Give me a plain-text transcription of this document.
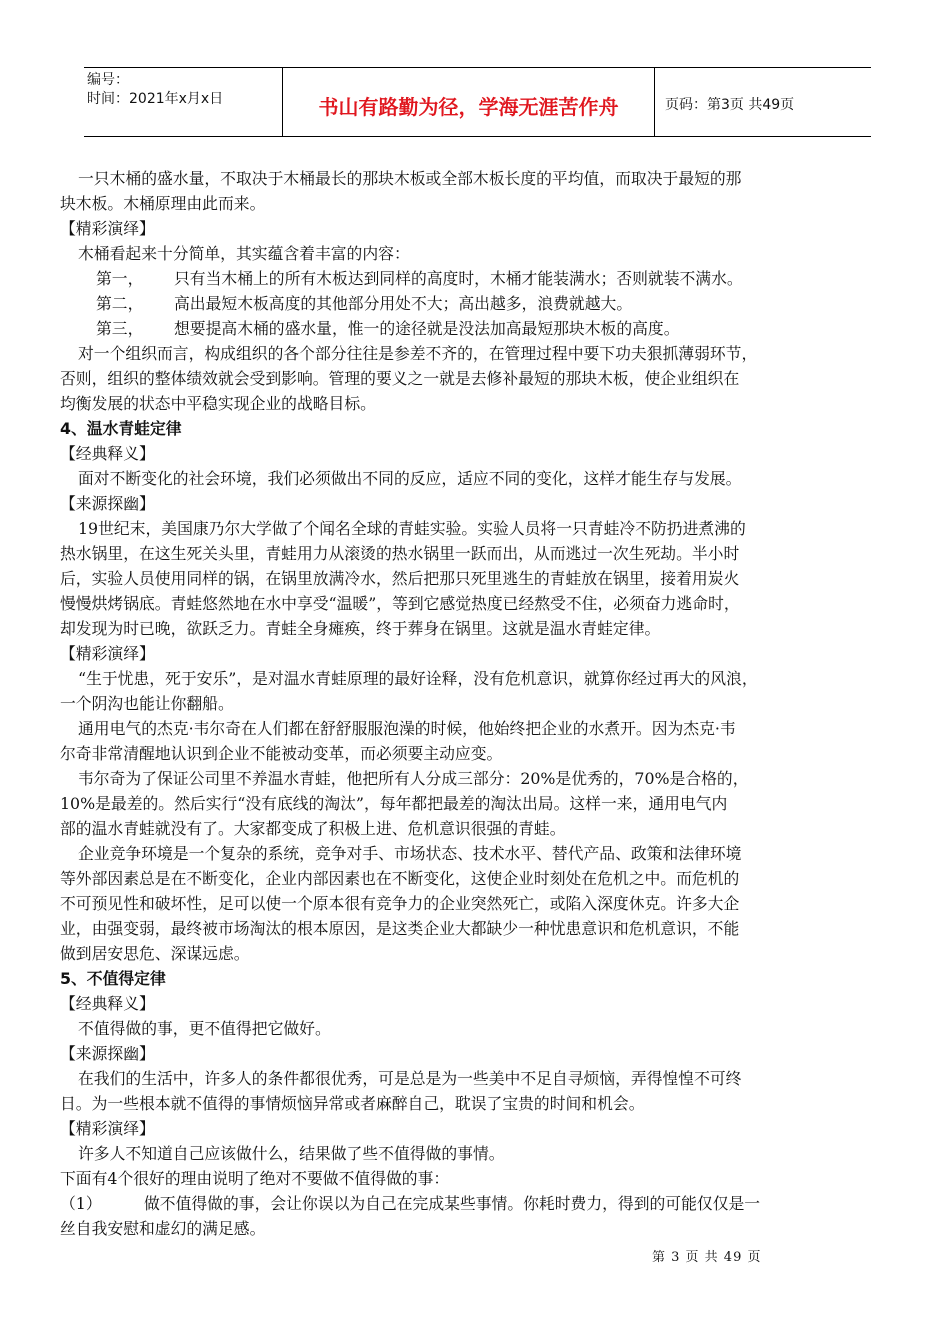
编号：
时间：2021年x月x日	书山有路勤为径，学海无涯苦作舟	页码：第3页 共49页

一只木桶的盛水量，不取决于木桶最长的那块木板或全部木板长度的平均值，而取决于最短的那

块木板。木桶原理由此而来。

【精彩演绎】

木桶看起来十分简单，其实蕴含着丰富的内容：

第一， 只有当木桶上的所有木板达到同样的高度时，木桶才能装满水；否则就装不满水。

第二， 高出最短木板高度的其他部分用处不大；高出越多，浪费就越大。

第三， 想要提高木桶的盛水量，惟一的途径就是没法加高最短那块木板的高度。

对一个组织而言，构成组织的各个部分往往是参差不齐的，在管理过程中要下功夫狠抓薄弱环节，

否则，组织的整体绩效就会受到影响。管理的要义之一就是去修补最短的那块木板，使企业组织在

均衡发展的状态中平稳实现企业的战略目标。

4、温水青蛙定律

【经典释义】

面对不断变化的社会环境，我们必须做出不同的反应，适应不同的变化，这样才能生存与发展。

【来源探幽】

19世纪末，美国康乃尔大学做了个闻名全球的青蛙实验。实验人员将一只青蛙冷不防扔进煮沸的

热水锅里，在这生死关头里，青蛙用力从滚烫的热水锅里一跃而出，从而逃过一次生死劫。半小时

后，实验人员使用同样的锅，在锅里放满冷水，然后把那只死里逃生的青蛙放在锅里，接着用炭火

慢慢烘烤锅底。青蛙悠然地在水中享受“温暖”，等到它感觉热度已经熬受不住，必须奋力逃命时，

却发现为时已晚，欲跃乏力。青蛙全身瘫痪，终于葬身在锅里。这就是温水青蛙定律。

【精彩演绎】

“生于忧患，死于安乐”，是对温水青蛙原理的最好诠释，没有危机意识，就算你经过再大的风浪，

一个阴沟也能让你翻船。

通用电气的杰克·韦尔奇在人们都在舒舒服服泡澡的时候，他始终把企业的水煮开。因为杰克·韦

尔奇非常清醒地认识到企业不能被动变革，而必须要主动应变。

韦尔奇为了保证公司里不养温水青蛙，他把所有人分成三部分：20%是优秀的，70%是合格的，

10%是最差的。然后实行“没有底线的淘汰”，每年都把最差的淘汰出局。这样一来，通用电气内

部的温水青蛙就没有了。大家都变成了积极上进、危机意识很强的青蛙。

企业竞争环境是一个复杂的系统，竞争对手、市场状态、技术水平、替代产品、政策和法律环境

等外部因素总是在不断变化，企业内部因素也在不断变化，这使企业时刻处在危机之中。而危机的

不可预见性和破坏性，足可以使一个原本很有竞争力的企业突然死亡，或陷入深度休克。许多大企

业，由强变弱，最终被市场淘汰的根本原因，是这类企业大都缺少一种忧患意识和危机意识，不能

做到居安思危、深谋远虑。

5、不值得定律

【经典释义】

不值得做的事，更不值得把它做好。

【来源探幽】

在我们的生活中，许多人的条件都很优秀，可是总是为一些美中不足自寻烦恼，弄得惶惶不可终

日。为一些根本就不值得的事情烦恼异常或者麻醉自己，耽误了宝贵的时间和机会。

【精彩演绎】

许多人不知道自己应该做什么，结果做了些不值得做的事情。

下面有4个很好的理由说明了绝对不要做不值得做的事：

（1）	做不值得做的事，会让你误以为自己在完成某些事情。你耗时费力，得到的可能仅仅是一

丝自我安慰和虚幻的满足感。

第 3 页 共 49 页
